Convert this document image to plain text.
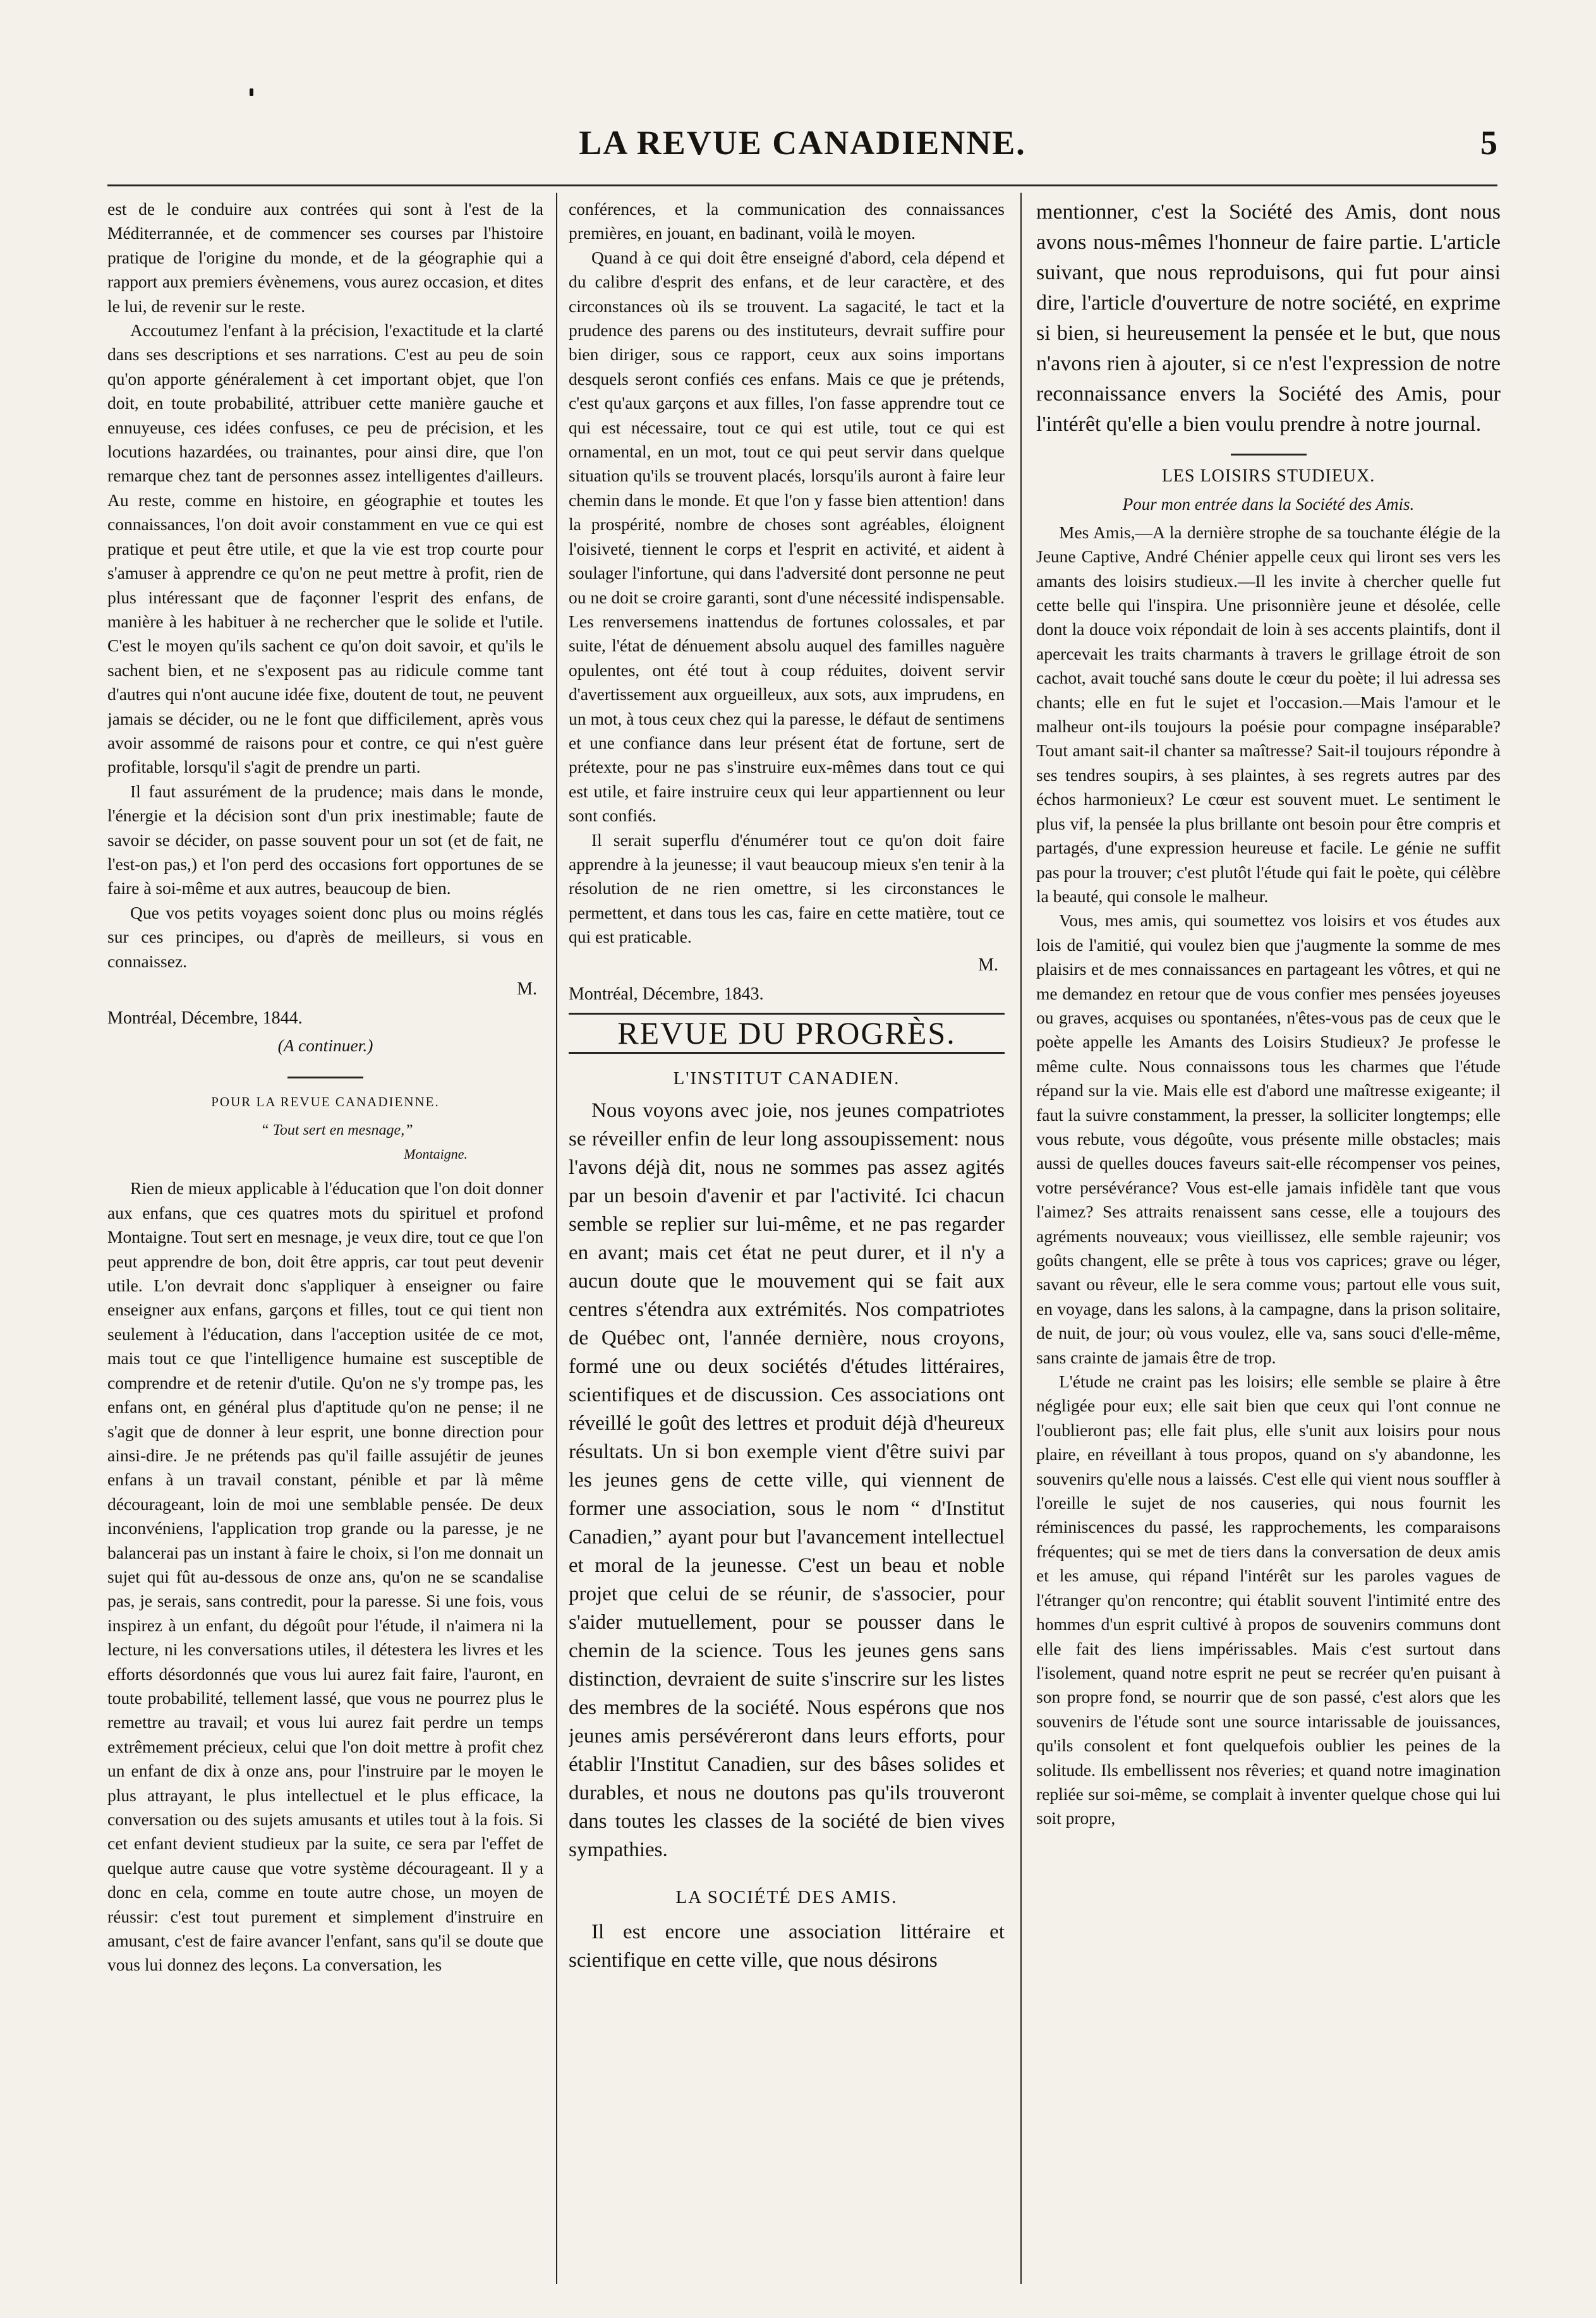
LA REVUE CANADIENNE.	5

est de le conduire aux contrées qui sont à l'est de la Méditerrannée, et de commencer ses courses par l'histoire pratique de l'origine du monde, et de la géographie qui a rapport aux premiers évènemens, vous aurez occasion, et dites le lui, de revenir sur le reste.

Accoutumez l'enfant à la précision, l'exactitude et la clarté dans ses descriptions et ses narrations. C'est au peu de soin qu'on apporte généralement à cet important objet, que l'on doit, en toute probabilité, attribuer cette manière gauche et ennuyeuse, ces idées confuses, ce peu de précision, et les locutions hazardées, ou trainantes, pour ainsi dire, que l'on remarque chez tant de personnes assez intelligentes d'ailleurs. Au reste, comme en histoire, en géographie et toutes les connaissances, l'on doit avoir constamment en vue ce qui est pratique et peut être utile, et que la vie est trop courte pour s'amuser à apprendre ce qu'on ne peut mettre à profit, rien de plus intéressant que de façonner l'esprit des enfans, de manière à les habituer à ne rechercher que le solide et l'utile. C'est le moyen qu'ils sachent ce qu'on doit savoir, et qu'ils le sachent bien, et ne s'exposent pas au ridicule comme tant d'autres qui n'ont aucune idée fixe, doutent de tout, ne peuvent jamais se décider, ou ne le font que difficilement, après vous avoir assommé de raisons pour et contre, ce qui n'est guère profitable, lorsqu'il s'agit de prendre un parti.

Il faut assurément de la prudence; mais dans le monde, l'énergie et la décision sont d'un prix inestimable; faute de savoir se décider, on passe souvent pour un sot (et de fait, ne l'est-on pas,) et l'on perd des occasions fort opportunes de se faire à soi-même et aux autres, beaucoup de bien.

Que vos petits voyages soient donc plus ou moins réglés sur ces principes, ou d'après de meilleurs, si vous en connaissez.

M.

Montréal, Décembre, 1844.

(A continuer.)
POUR LA REVUE CANADIENNE.

“ Tout sert en mesnage,”

Montaigne.

Rien de mieux applicable à l'éducation que l'on doit donner aux enfans, que ces quatres mots du spirituel et profond Montaigne. Tout sert en mesnage, je veux dire, tout ce que l'on peut apprendre de bon, doit être appris, car tout peut devenir utile. L'on devrait donc s'appliquer à enseigner ou faire enseigner aux enfans, garçons et filles, tout ce qui tient non seulement à l'éducation, dans l'acception usitée de ce mot, mais tout ce que l'intelligence humaine est susceptible de comprendre et de retenir d'utile. Qu'on ne s'y trompe pas, les enfans ont, en général plus d'aptitude qu'on ne pense; il ne s'agit que de donner à leur esprit, une bonne direction pour ainsi-dire. Je ne prétends pas qu'il faille assujétir de jeunes enfans à un travail constant, pénible et par là même décourageant, loin de moi une semblable pensée. De deux inconvéniens, l'application trop grande ou la paresse, je ne balancerai pas un instant à faire le choix, si l'on me donnait un sujet qui fût au-dessous de onze ans, qu'on ne se scandalise pas, je serais, sans contredit, pour la paresse. Si une fois, vous inspirez à un enfant, du dégoût pour l'étude, il n'aimera ni la lecture, ni les conversations utiles, il détestera les livres et les efforts désordonnés que vous lui aurez fait faire, l'auront, en toute probabilité, tellement lassé, que vous ne pourrez plus le remettre au travail; et vous lui aurez fait perdre un temps extrêmement précieux, celui que l'on doit mettre à profit chez un enfant de dix à onze ans, pour l'instruire par le moyen le plus attrayant, le plus intellectuel et le plus efficace, la conversation ou des sujets amusants et utiles tout à la fois. Si cet enfant devient studieux par la suite, ce sera par l'effet de quelque autre cause que votre système décourageant. Il y a donc en cela, comme en toute autre chose, un moyen de réussir: c'est tout purement et simplement d'instruire en amusant, c'est de faire avancer l'enfant, sans qu'il se doute que vous lui donnez des leçons. La conversation, les

conférences, et la communication des connaissances premières, en jouant, en badinant, voilà le moyen.

Quand à ce qui doit être enseigné d'abord, cela dépend et du calibre d'esprit des enfans, et de leur caractère, et des circonstances où ils se trouvent. La sagacité, le tact et la prudence des parens ou des instituteurs, devrait suffire pour bien diriger, sous ce rapport, ceux aux soins importans desquels seront confiés ces enfans. Mais ce que je prétends, c'est qu'aux garçons et aux filles, l'on fasse apprendre tout ce qui est nécessaire, tout ce qui est utile, tout ce qui est ornamental, en un mot, tout ce qui peut servir dans quelque situation qu'ils se trouvent placés, lorsqu'ils auront à faire leur chemin dans le monde. Et que l'on y fasse bien attention! dans la prospérité, nombre de choses sont agréables, éloignent l'oisiveté, tiennent le corps et l'esprit en activité, et aident à soulager l'infortune, qui dans l'adversité dont personne ne peut ou ne doit se croire garanti, sont d'une nécessité indispensable. Les renversemens inattendus de fortunes colossales, et par suite, l'état de dénuement absolu auquel des familles naguère opulentes, ont été tout à coup réduites, doivent servir d'avertissement aux orgueilleux, aux sots, aux imprudens, en un mot, à tous ceux chez qui la paresse, le défaut de sentimens et une confiance dans leur présent état de fortune, sert de prétexte, pour ne pas s'instruire eux-mêmes dans tout ce qui est utile, et faire instruire ceux qui leur appartiennent ou leur sont confiés.

Il serait superflu d'énumérer tout ce qu'on doit faire apprendre à la jeunesse; il vaut beaucoup mieux s'en tenir à la résolution de ne rien omettre, si les circonstances le permettent, et dans tous les cas, faire en cette matière, tout ce qui est praticable.

M.

Montréal, Décembre, 1843.

REVUE DU PROGRÈS.
L'INSTITUT CANADIEN.

Nous voyons avec joie, nos jeunes compatriotes se réveiller enfin de leur long assoupissement: nous l'avons déjà dit, nous ne sommes pas assez agités par un besoin d'avenir et par l'activité. Ici chacun semble se replier sur lui-même, et ne pas regarder en avant; mais cet état ne peut durer, et il n'y a aucun doute que le mouvement qui se fait aux centres s'étendra aux extrémités. Nos compatriotes de Québec ont, l'année dernière, nous croyons, formé une ou deux sociétés d'études littéraires, scientifiques et de discussion. Ces associations ont réveillé le goût des lettres et produit déjà d'heureux résultats. Un si bon exemple vient d'être suivi par les jeunes gens de cette ville, qui viennent de former une association, sous le nom “ d'Institut Canadien,” ayant pour but l'avancement intellectuel et moral de la jeunesse. C'est un beau et noble projet que celui de se réunir, de s'associer, pour s'aider mutuellement, pour se pousser dans le chemin de la science. Tous les jeunes gens sans distinction, devraient de suite s'inscrire sur les listes des membres de la société. Nous espérons que nos jeunes amis persévéreront dans leurs efforts, pour établir l'Institut Canadien, sur des bâses solides et durables, et nous ne doutons pas qu'ils trouveront dans toutes les classes de la société de bien vives sympathies.

LA SOCIÉTÉ DES AMIS.

Il est encore une association littéraire et scientifique en cette ville, que nous désirons

mentionner, c'est la Société des Amis, dont nous avons nous-mêmes l'honneur de faire partie. L'article suivant, que nous reproduisons, qui fut pour ainsi dire, l'article d'ouverture de notre société, en exprime si bien, si heureusement la pensée et le but, que nous n'avons rien à ajouter, si ce n'est l'expression de notre reconnaissance envers la Société des Amis, pour l'intérêt qu'elle a bien voulu prendre à notre journal.

LES LOISIRS STUDIEUX.
Pour mon entrée dans la Société des Amis.

Mes Amis,—A la dernière strophe de sa touchante élégie de la Jeune Captive, André Chénier appelle ceux qui liront ses vers les amants des loisirs studieux.—Il les invite à chercher quelle fut cette belle qui l'inspira. Une prisonnière jeune et désolée, celle dont la douce voix répondait de loin à ses accents plaintifs, dont il apercevait les traits charmants à travers le grillage étroit de son cachot, avait touché sans doute le cœur du poète; il lui adressa ses chants; elle en fut le sujet et l'occasion.—Mais l'amour et le malheur ont-ils toujours la poésie pour compagne inséparable? Tout amant sait-il chanter sa maîtresse? Sait-il toujours répondre à ses tendres soupirs, à ses plaintes, à ses regrets autres par des échos harmonieux? Le cœur est souvent muet. Le sentiment le plus vif, la pensée la plus brillante ont besoin pour être compris et partagés, d'une expression heureuse et facile. Le génie ne suffit pas pour la trouver; c'est plutôt l'étude qui fait le poète, qui célèbre la beauté, qui console le malheur.

Vous, mes amis, qui soumettez vos loisirs et vos études aux lois de l'amitié, qui voulez bien que j'augmente la somme de mes plaisirs et de mes connaissances en partageant les vôtres, et qui ne me demandez en retour que de vous confier mes pensées joyeuses ou graves, acquises ou spontanées, n'êtes-vous pas de ceux que le poète appelle les Amants des Loisirs Studieux? Je professe le même culte. Nous connaissons tous les charmes que l'étude répand sur la vie. Mais elle est d'abord une maîtresse exigeante; il faut la suivre constamment, la presser, la solliciter longtemps; elle vous rebute, vous dégoûte, vous présente mille obstacles; mais aussi de quelles douces faveurs sait-elle récompenser vos peines, votre persévérance? Vous est-elle jamais infidèle tant que vous l'aimez? Ses attraits renaissent sans cesse, elle a toujours des agréments nouveaux; vous vieillissez, elle semble rajeunir; vos goûts changent, elle se prête à tous vos caprices; grave ou léger, savant ou rêveur, elle le sera comme vous; partout elle vous suit, en voyage, dans les salons, à la campagne, dans la prison solitaire, de nuit, de jour; où vous voulez, elle va, sans souci d'elle-même, sans crainte de jamais être de trop.

L'étude ne craint pas les loisirs; elle semble se plaire à être négligée pour eux; elle sait bien que ceux qui l'ont connue ne l'oublieront pas; elle fait plus, elle s'unit aux loisirs pour nous plaire, en réveillant à tous propos, quand on s'y abandonne, les souvenirs qu'elle nous a laissés. C'est elle qui vient nous souffler à l'oreille le sujet de nos causeries, qui nous fournit les réminiscences du passé, les rapprochements, les comparaisons fréquentes; qui se met de tiers dans la conversation de deux amis et les amuse, qui répand l'intérêt sur les paroles vagues de l'étranger qu'on rencontre; qui établit souvent l'intimité entre des hommes d'un esprit cultivé à propos de souvenirs communs dont elle fait des liens impérissables. Mais c'est surtout dans l'isolement, quand notre esprit ne peut se recréer qu'en puisant à son propre fond, se nourrir que de son passé, c'est alors que les souvenirs de l'étude sont une source intarissable de jouissances, qu'ils consolent et font quelquefois oublier les peines de la solitude. Ils embellissent nos rêveries; et quand notre imagination repliée sur soi-même, se complait à inventer quelque chose qui lui soit propre,
